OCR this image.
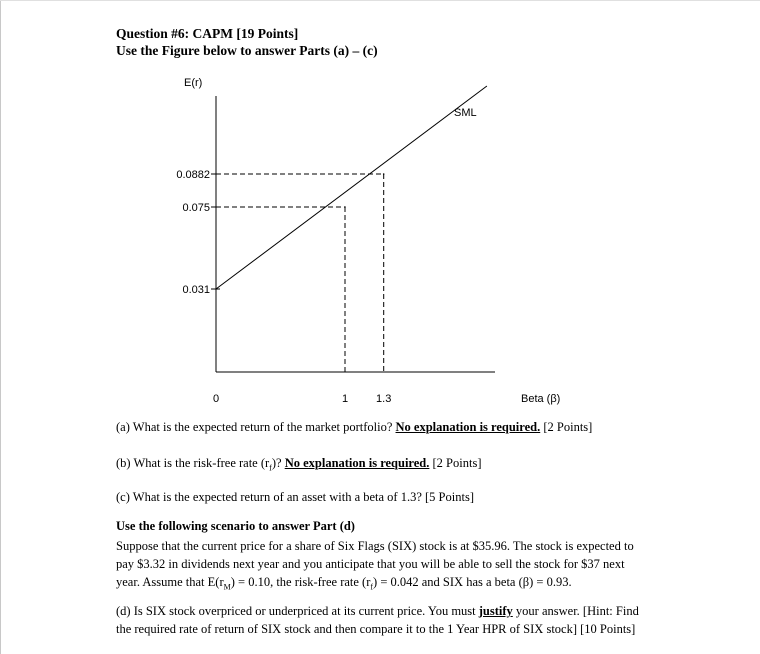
Question #6: CAPM [19 Points]
Use the Figure below to answer Parts (a) – (c)
0.031
0.075
0.0882
0	1	1.3
SML
E(r)
Beta (β)
(a) What is the expected return of the market portfolio? No explanation is required. [2 Points]
(b) What is the risk-free rate $(r_f)$? No explanation is required. [2 Points]
(c) What is the expected return of an asset with a beta of 1.3? [5 Points]
Use the following scenario to answer Part (d)
Suppose that the current price for a share of Six Flags (SIX) stock is at $35.96. The stock is expected to
pay $3.32 in dividends next year and you anticipate that you will be able to sell the stock for $37 next
year. Assume that $E(r_M) = 0.10$, the risk-free rate $(r_f) = 0.042$ and SIX has a beta (β) = 0.93.
(d) Is SIX stock overpriced or underpriced at its current price. You must justify your answer. [Hint: Find
the required rate of return of SIX stock and then compare it to the 1 Year HPR of SIX stock] [10 Points]
